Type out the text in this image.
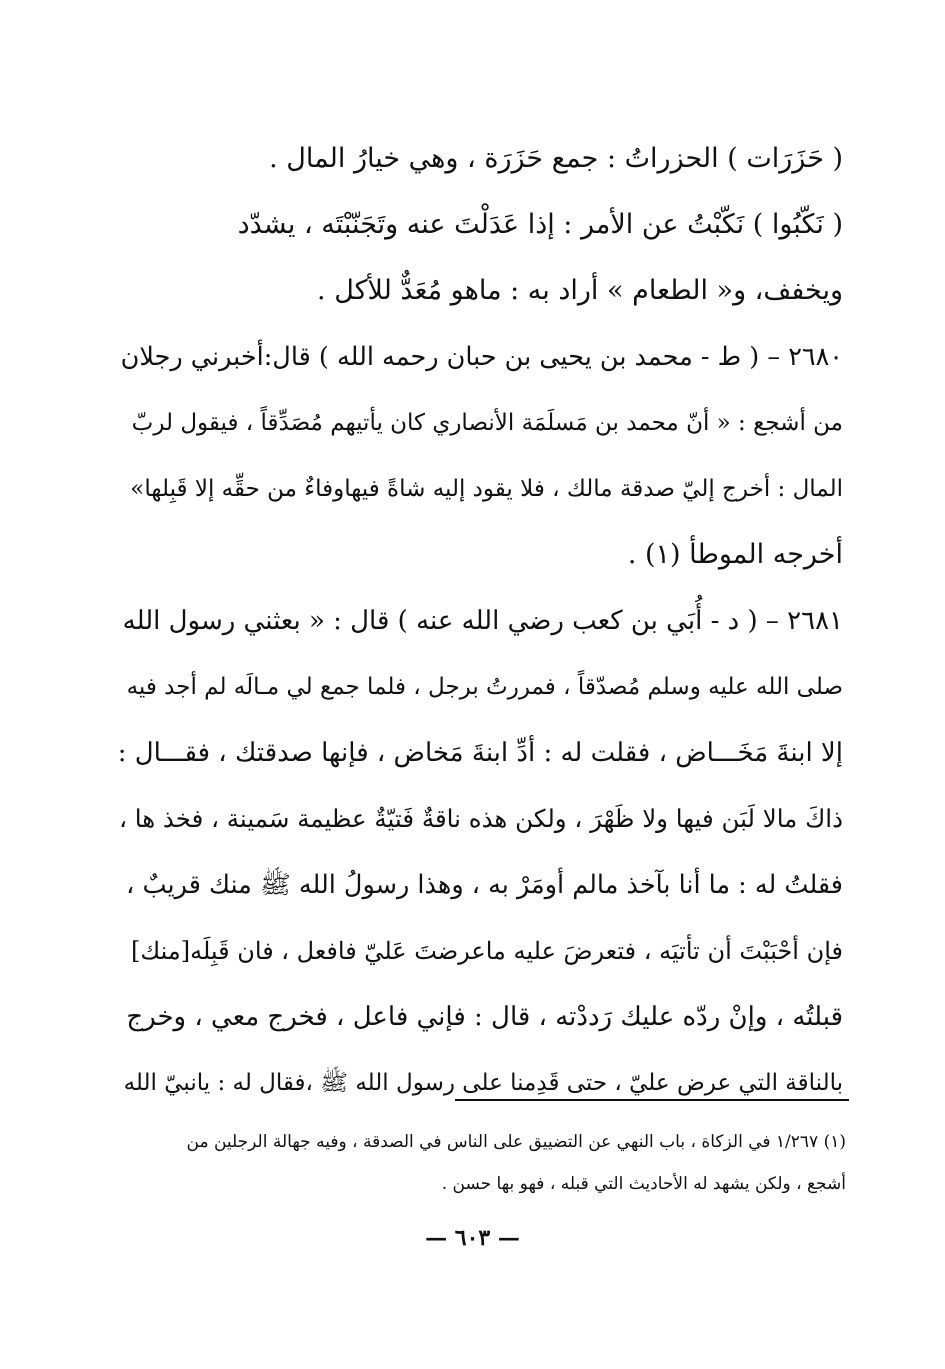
( حَزَرَات ) الحزراتُ : جمع حَزَرَة ، وهي خيارُ المال .
( نَكّبُوا ) نَكّبْتُ عن الأمر : إذا عَدَلْتَ عنه وتَجَنّبْتَه ، يشدّد
ويخفف، و« الطعام » أراد به : ماهو مُعَدٌّ للأكل .
٢٦٨٠ – ( ط - محمد بن يحيى بن حبان رحمه الله ) قال:أخبرني رجلان
من أشجع : « أنّ محمد بن مَسلَمَة الأنصاري كان يأتيهم مُصَدِّقاً ، فيقول لربّ
المال : أخرج إليّ صدقة مالك ، فلا يقود إليه شاةً فيهاوفاءٌ من حقِّه إلا قَبِلها»
أخرجه الموطأ (١) .
٢٦٨١ – ( د - أُبَي بن كعب رضي الله عنه ) قال : « بعثني رسول الله
صلى الله عليه وسلم مُصدّقاً ، فمررتُ برجل ، فلما جمع لي مـالَه لم أجد فيه
إلا ابنةَ مَخَـــاض ، فقلت له : أدِّ ابنةَ مَخاض ، فإنها صدقتك ، فقـــال :
ذاكَ مالا لَبَن فيها ولا ظَهْرَ ، ولكن هذه ناقةٌ فَتيّةٌ عظيمة سَمينة ، فخذ ها ،
فقلتُ له : ما أنا بآخذ مالم أومَرْ به ، وهذا رسولُ الله ﷺ منك قريبٌ ،
فإن أحْبَبْتَ أن تأتيَه ، فتعرضَ عليه ماعرضتَ عَليّ فافعل ، فان قَبِلَه[منك]
قبلتُه ، وإنْ ردّه عليك رَددْته ، قال : فإني فاعل ، فخرج معي ، وخرج
بالناقة التي عرض عليّ ، حتى قَدِمنا على رسول الله ﷺ ،فقال له : يانبيّ الله
(١) ١/٢٦٧ في الزكاة ، باب النهي عن التضييق على الناس في الصدقة ، وفيه جهالة الرجلين من
أشجع ، ولكن يشهد له الأحاديث التي قبله ، فهو بها حسن .
— ٦٠٣ —
